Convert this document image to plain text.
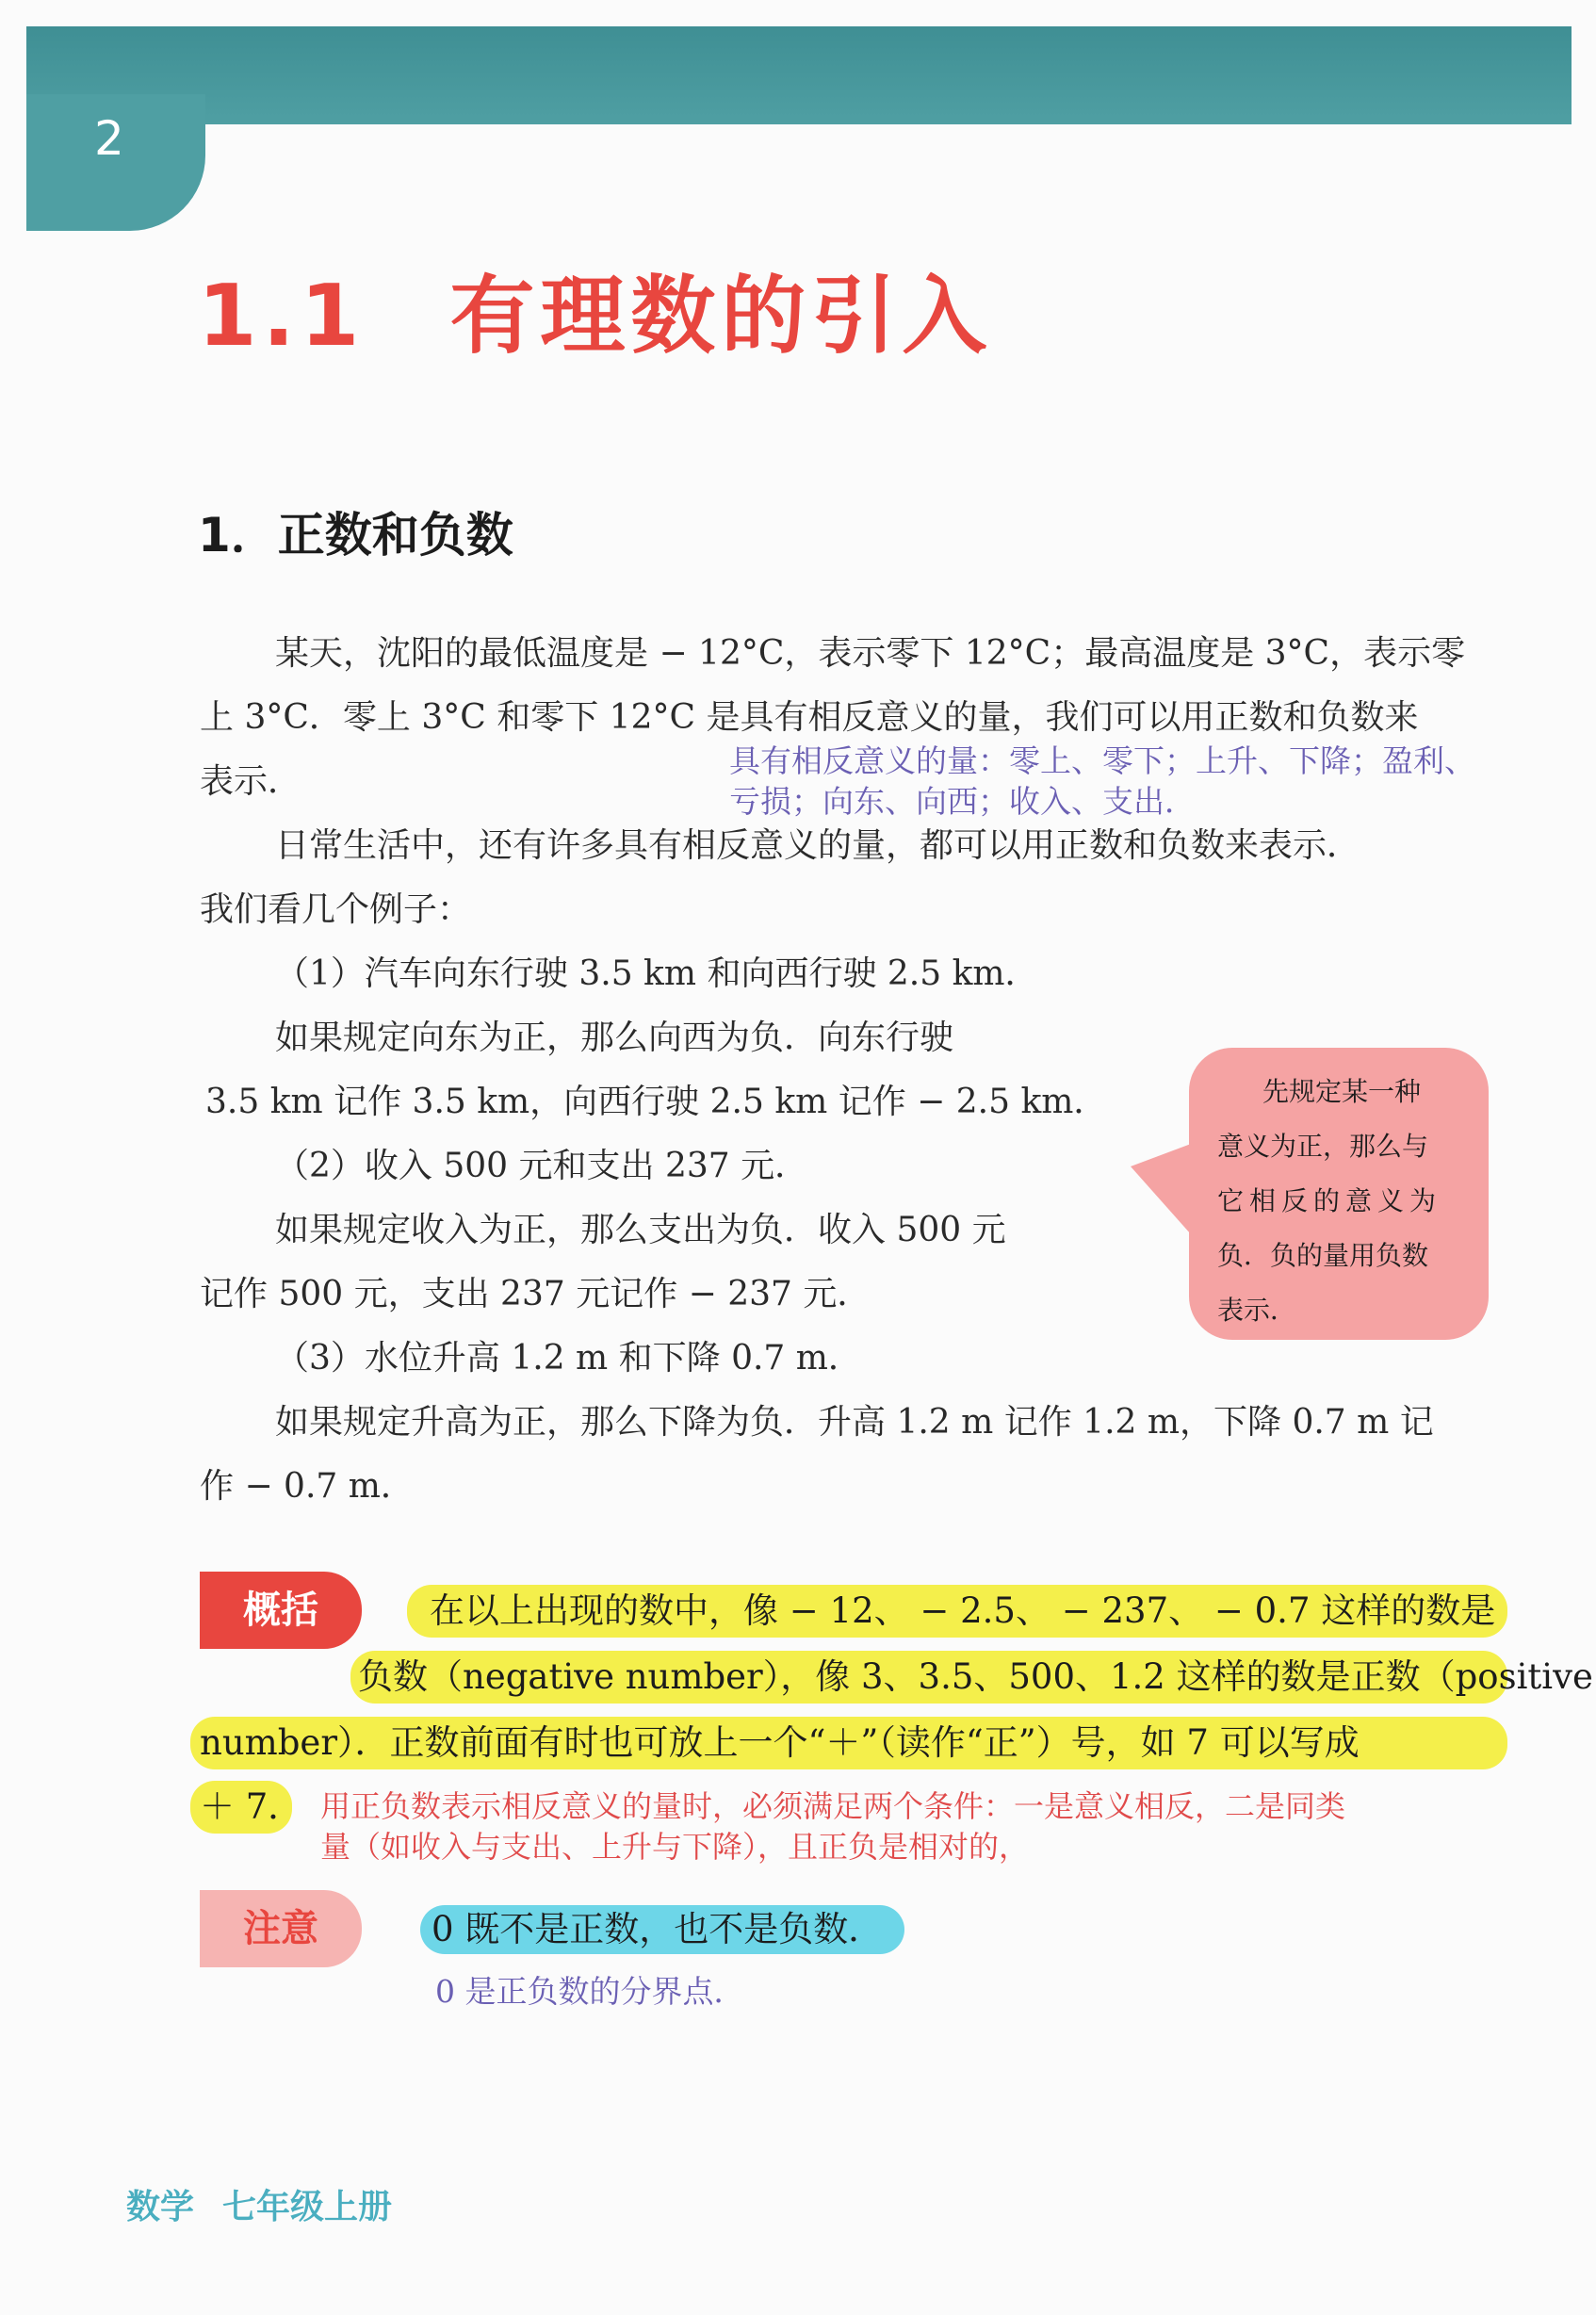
2
1.1 有理数的引入
1．正数和负数
某天，沈阳的最低温度是 − 12°C，表示零下 12°C；最高温度是 3°C，表示零
上 3°C．零上 3°C 和零下 12°C 是具有相反意义的量，我们可以用正数和负数来
表示．
具有相反意义的量：零上、零下；上升、下降；盈利、
亏损；向东、向西；收入、支出．
日常生活中，还有许多具有相反意义的量，都可以用正数和负数来表示．
我们看几个例子：
（1）汽车向东行驶 3.5 km 和向西行驶 2.5 km．
如果规定向东为正，那么向西为负．向东行驶
3.5 km 记作 3.5 km，向西行驶 2.5 km 记作 − 2.5 km．
（2）收入 500 元和支出 237 元．
如果规定收入为正，那么支出为负．收入 500 元
记作 500 元，支出 237 元记作 − 237 元．
（3）水位升高 1.2 m 和下降 0.7 m．
如果规定升高为正，那么下降为负．升高 1.2 m 记作 1.2 m，下降 0.7 m 记
作 − 0.7 m．
先规定某一种
意义为正，那么与
它相反的意义为
负．负的量用负数
表示．
概括	在以上出现的数中，像 − 12、 − 2.5、 − 237、 − 0.7 这样的数是
负数（negative number），像 3、3.5、500、1.2 这样的数是正数（positive
number）．正数前面有时也可放上一个“＋”（读作“正”）号，如 7 可以写成
＋ 7． 用正负数表示相反意义的量时，必须满足两个条件：一是意义相反，二是同类
量（如收入与支出、上升与下降），且正负是相对的，
注意	0 既不是正数，也不是负数．
0 是正负数的分界点．
数学 七年级上册
